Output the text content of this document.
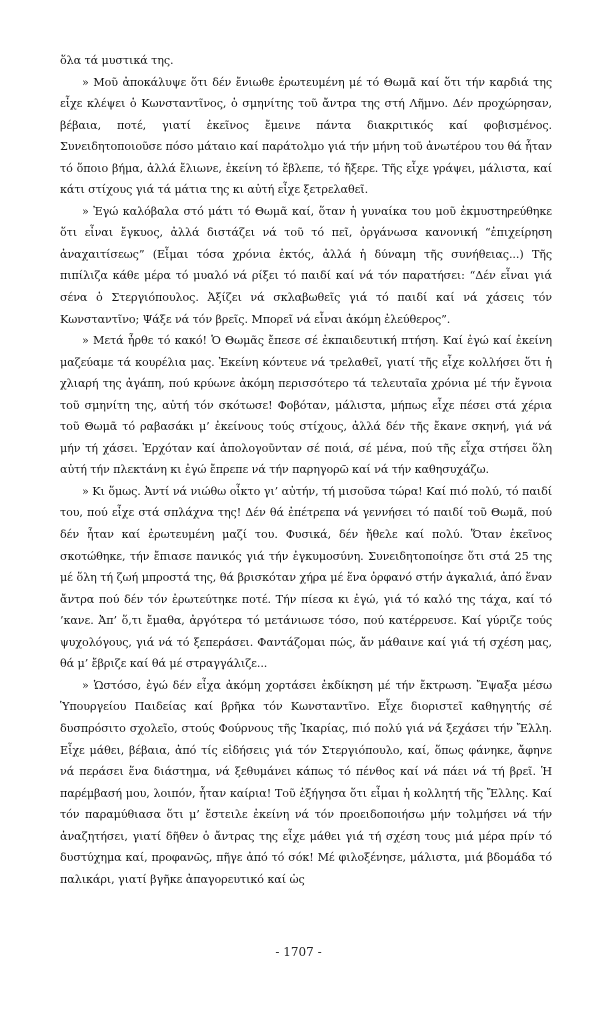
ὅλα τά μυστικά της.

» Μοῦ ἀποκάλυψε ὅτι δέν ἔνιωθε ἐρωτευμένη μέ τό Θωμᾶ καί ὅτι τήν καρδιά της εἶχε κλέψει ὁ Κωνσταντῖνος, ὁ σμηνίτης τοῦ ἄντρα της στή Λῆμνο. Δέν προχώρησαν, βέβαια, ποτέ, γιατί ἐκεῖνος ἔμεινε πάντα διακριτικός καί φοβισμένος. Συνειδητοποιοῦσε πόσο μάταιο καί παράτολμο γιά τήν μήνη τοῦ ἀνωτέρου του θά ἦταν τό ὅποιο βήμα, ἀλλά ἔλιωνε, ἐκείνη τό ἔβλεπε, τό ἤξερε. Τῆς εἶχε γράψει, μάλιστα, καί κάτι στίχους γιά τά μάτια της κι αὐτή εἶχε ξετρελαθεῖ.

» Ἐγώ καλόβαλα στό μάτι τό Θωμᾶ καί, ὅταν ἡ γυναίκα του μοῦ ἐκμυστηρεύθηκε ὅτι εἶναι ἔγκυος, ἀλλά διστάζει νά τοῦ τό πεῖ, ὀργάνωσα κανονική “ἐπιχείρηση ἀναχαιτίσεως” (Εἶμαι τόσα χρόνια ἐκτός, ἀλλά ἡ δύναμη τῆς συνήθειας...) Τῆς πιπίλιζα κάθε μέρα τό μυαλό νά ρίξει τό παιδί καί νά τόν παρατήσει: “Δέν εἶναι γιά σένα ὁ Στεργιόπουλος. Ἀξίζει νά σκλαβωθεῖς γιά τό παιδί καί νά χάσεις τόν Κωνσταντῖνο; Ψάξε νά τόν βρεῖς. Μπορεῖ νά εἶναι ἀκόμη ἐλεύθερος”.

» Μετά ἦρθε τό κακό! Ὁ Θωμᾶς ἔπεσε σέ ἐκπαιδευτική πτήση. Καί ἐγώ καί ἐκείνη μαζεύαμε τά κουρέλια μας. Ἐκείνη κόντευε νά τρελαθεῖ, γιατί τῆς εἶχε κολλήσει ὅτι ἡ χλιαρή της ἀγάπη, πού κρύωνε ἀκόμη περισσότερο τά τελευταῖα χρόνια μέ τήν ἔγνοια τοῦ σμηνίτη της, αὐτή τόν σκότωσε! Φοβόταν, μάλιστα, μήπως εἶχε πέσει στά χέρια τοῦ Θωμᾶ τό ραβασάκι μ’ ἐκείνους τούς στίχους, ἀλλά δέν τῆς ἔκανε σκηνή, γιά νά μήν τή χάσει. Ἐρχόταν καί ἀπολογοῦνταν σέ ποιά, σέ μένα, πού τῆς εἶχα στήσει ὅλη αὐτή τήν πλεκτάνη κι ἐγώ ἔπρεπε νά τήν παρηγορῶ καί νά τήν καθησυχάζω.

» Κι ὅμως. Ἀντί νά νιώθω οἶκτο γι’ αὐτήν, τή μισοῦσα τώρα! Καί πιό πολύ, τό παιδί του, πού εἶχε στά σπλάχνα της! Δέν θά ἐπέτρεπα νά γεννήσει τό παιδί τοῦ Θωμᾶ, πού δέν ἦταν καί ἐρωτευμένη μαζί του. Φυσικά, δέν ἤθελε καί πολύ. Ὅταν ἐκεῖνος σκοτώθηκε, τήν ἔπιασε πανικός γιά τήν ἐγκυμοσύνη. Συνειδητοποίησε ὅτι στά 25 της μέ ὅλη τή ζωή μπροστά της, θά βρισκόταν χήρα μέ ἕνα ὀρφανό στήν ἀγκαλιά, ἀπό ἕναν ἄντρα πού δέν τόν ἐρωτεύτηκε ποτέ. Τήν πίεσα κι ἐγώ, γιά τό καλό της τάχα, καί τό ’κανε. Ἀπ’ ὅ,τι ἔμαθα, ἀργότερα τό μετάνιωσε τόσο, πού κατέρρευσε. Καί γύριζε τούς ψυχολόγους, γιά νά τό ξεπεράσει. Φαντάζομαι πώς, ἄν μάθαινε καί γιά τή σχέση μας, θά μ’ ἔβριζε καί θά μέ στραγγάλιζε...

» Ὡστόσο, ἐγώ δέν εἶχα ἀκόμη χορτάσει ἐκδίκηση μέ τήν ἔκτρωση. Ἔψαξα μέσω Ὑπουργείου Παιδείας καί βρῆκα τόν Κωνσταντῖνο. Εἶχε διοριστεῖ καθηγητής σέ δυσπρόσιτο σχολεῖο, στούς Φούρνους τῆς Ἰκαρίας, πιό πολύ γιά νά ξεχάσει τήν Ἔλλη. Εἶχε μάθει, βέβαια, ἀπό τίς εἰδήσεις γιά τόν Στεργιόπουλο, καί, ὅπως φάνηκε, ἄφηνε νά περάσει ἕνα διάστημα, νά ξεθυμάνει κάπως τό πένθος καί νά πάει νά τή βρεῖ. Ἡ παρέμβασή μου, λοιπόν, ἦταν καίρια! Τοῦ ἐξήγησα ὅτι εἶμαι ἡ κολλητή τῆς Ἔλλης. Καί τόν παραμύθιασα ὅτι μ’ ἔστειλε ἐκείνη νά τόν προειδοποιήσω μήν τολμήσει νά τήν ἀναζητήσει, γιατί δῆθεν ὁ ἄντρας της εἶχε μάθει γιά τή σχέση τους μιά μέρα πρίν τό δυστύχημα καί, προφανῶς, πῆγε ἀπό τό σόκ! Μέ φιλοξένησε, μάλιστα, μιά βδομάδα τό παλικάρι, γιατί βγῆκε ἀπαγορευτικό καί ὡς

- 1707 -
